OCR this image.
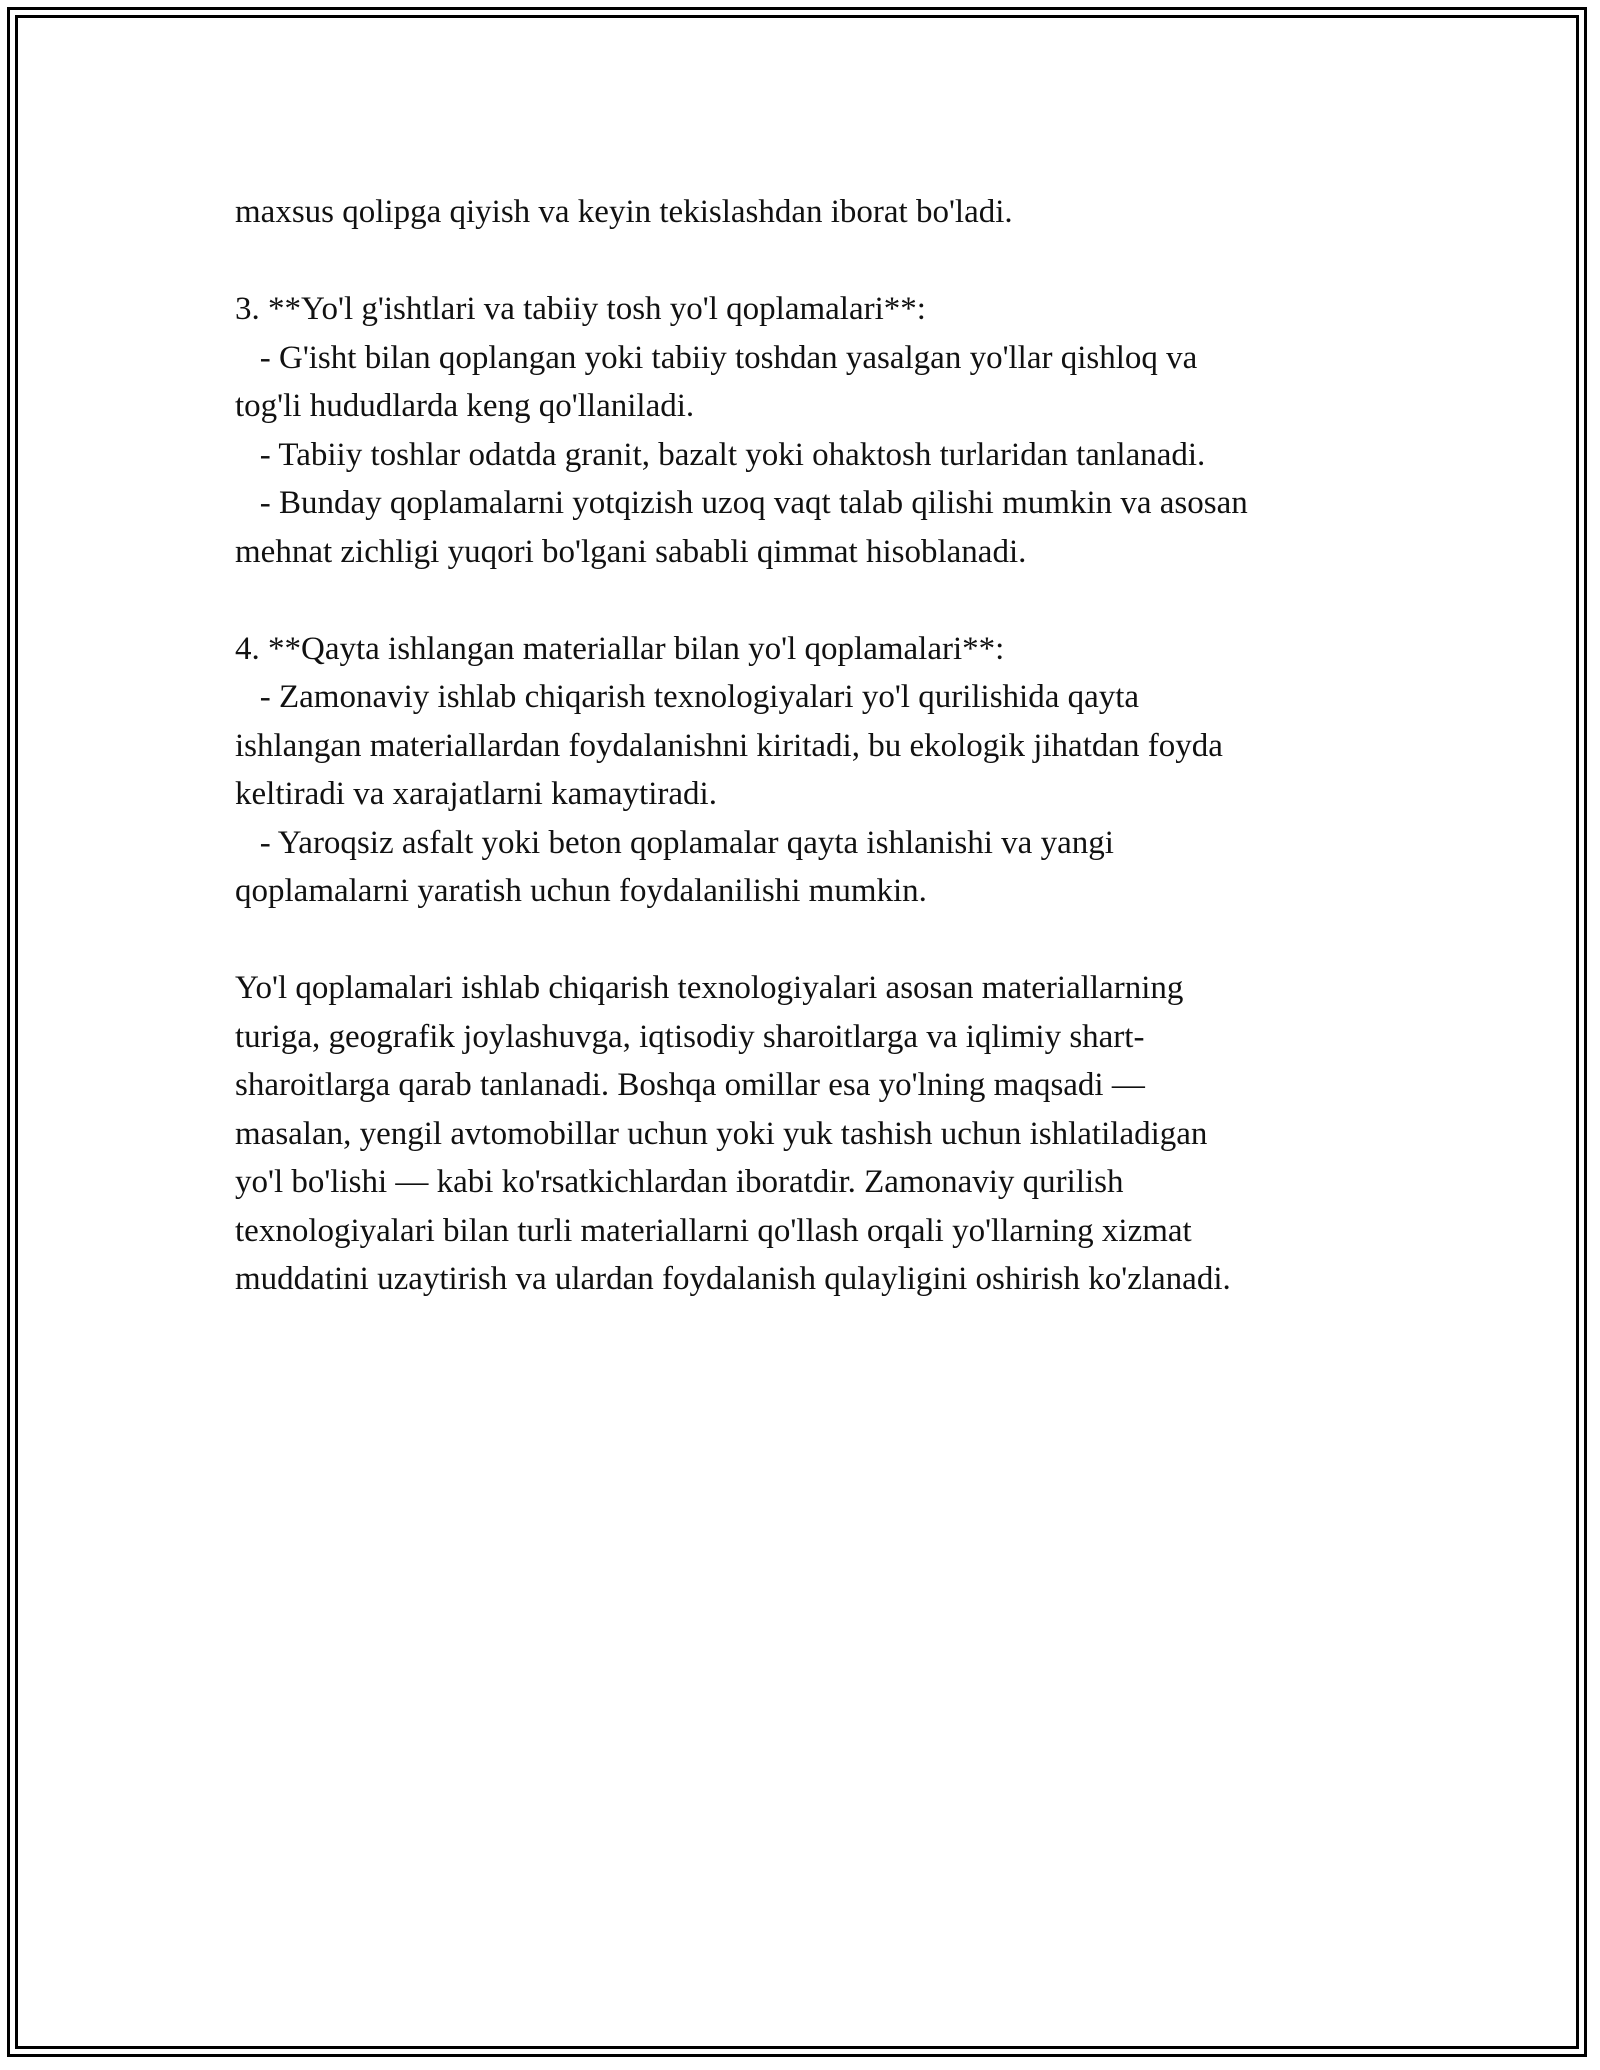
maxsus qolipga qiyish va keyin tekislashdan iborat bo'ladi.
3. **Yo'l g'ishtlari va tabiiy tosh yo'l qoplamalari**:
- G'isht bilan qoplangan yoki tabiiy toshdan yasalgan yo'llar qishloq va
tog'li hududlarda keng qo'llaniladi.
- Tabiiy toshlar odatda granit, bazalt yoki ohaktosh turlaridan tanlanadi.
- Bunday qoplamalarni yotqizish uzoq vaqt talab qilishi mumkin va asosan
mehnat zichligi yuqori bo'lgani sababli qimmat hisoblanadi.
4. **Qayta ishlangan materiallar bilan yo'l qoplamalari**:
- Zamonaviy ishlab chiqarish texnologiyalari yo'l qurilishida qayta
ishlangan materiallardan foydalanishni kiritadi, bu ekologik jihatdan foyda
keltiradi va xarajatlarni kamaytiradi.
- Yaroqsiz asfalt yoki beton qoplamalar qayta ishlanishi va yangi
qoplamalarni yaratish uchun foydalanilishi mumkin.
Yo'l qoplamalari ishlab chiqarish texnologiyalari asosan materiallarning
turiga, geografik joylashuvga, iqtisodiy sharoitlarga va iqlimiy shart-
sharoitlarga qarab tanlanadi. Boshqa omillar esa yo'lning maqsadi —
masalan, yengil avtomobillar uchun yoki yuk tashish uchun ishlatiladigan
yo'l bo'lishi — kabi ko'rsatkichlardan iboratdir. Zamonaviy qurilish
texnologiyalari bilan turli materiallarni qo'llash orqali yo'llarning xizmat
muddatini uzaytirish va ulardan foydalanish qulayligini oshirish ko'zlanadi.
